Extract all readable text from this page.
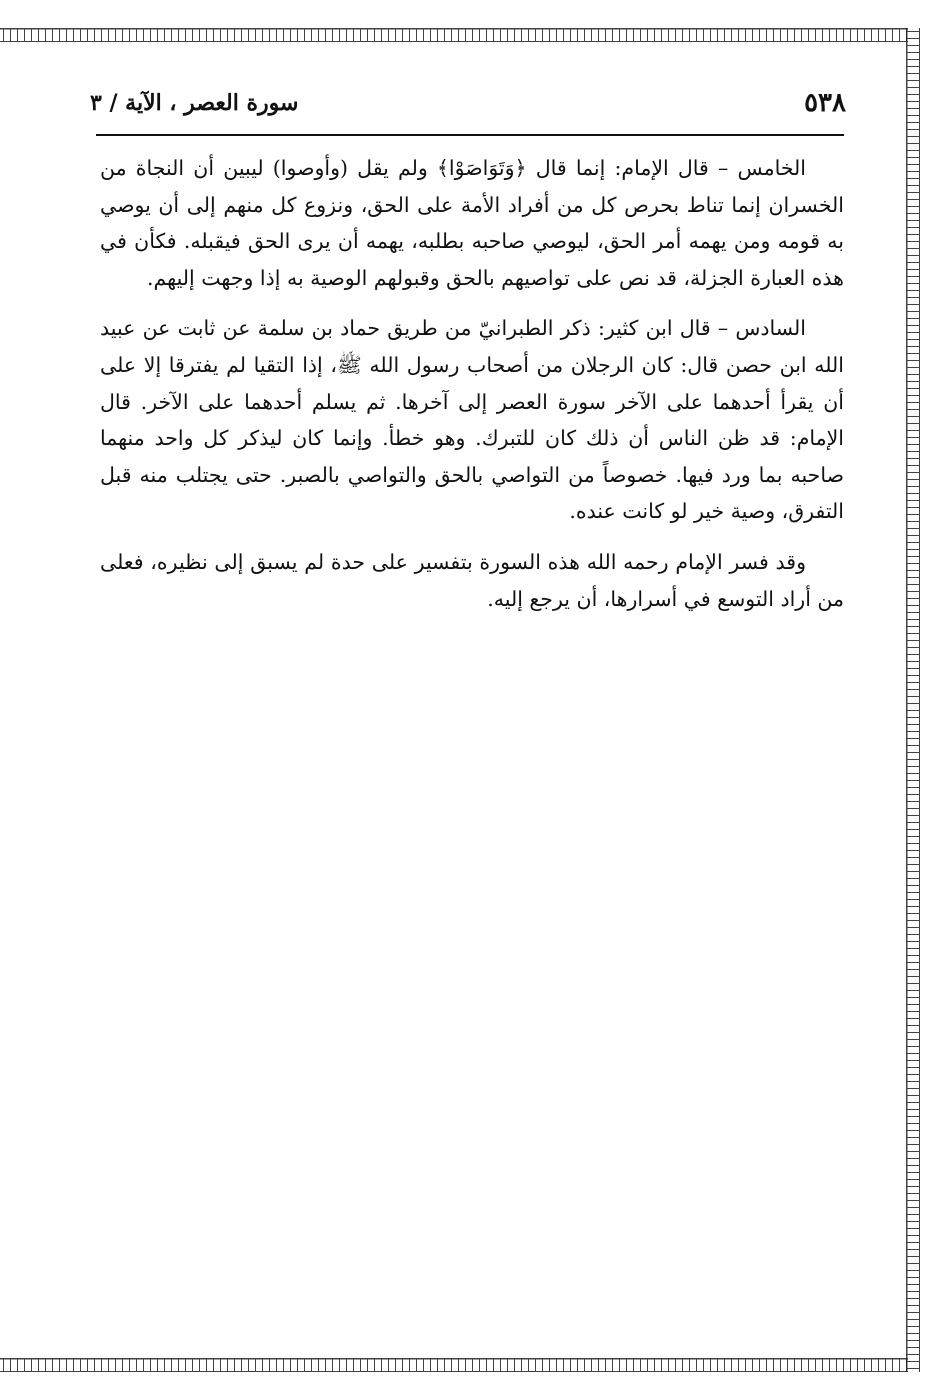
٥٣٨
سورة العصر ، الآية / ٣

الخامس – قال الإمام: إنما قال ﴿وَتَوَاصَوْا﴾ ولم يقل (وأوصوا) ليبين أن النجاة من الخسران إنما تناط بحرص كل من أفراد الأمة على الحق، ونزوع كل منهم إلى أن يوصي به قومه ومن يهمه أمر الحق، ليوصي صاحبه بطلبه، يهمه أن يرى الحق فيقبله. فكأن في هذه العبارة الجزلة، قد نص على تواصيهم بالحق وقبولهم الوصية به إذا وجهت إليهم.

السادس – قال ابن كثير: ذكر الطبرانيّ من طريق حماد بن سلمة عن ثابت عن عبيد الله ابن حصن قال: كان الرجلان من أصحاب رسول الله ﷺ، إذا التقيا لم يفترقا إلا على أن يقرأ أحدهما على الآخر سورة العصر إلى آخرها. ثم يسلم أحدهما على الآخر. قال الإمام: قد ظن الناس أن ذلك كان للتبرك. وهو خطأ. وإنما كان ليذكر كل واحد منهما صاحبه بما ورد فيها. خصوصاً من التواصي بالحق والتواصي بالصبر. حتى يجتلب منه قبل التفرق، وصية خير لو كانت عنده.

وقد فسر الإمام رحمه الله هذه السورة بتفسير على حدة لم يسبق إلى نظيره، فعلى من أراد التوسع في أسرارها، أن يرجع إليه.
